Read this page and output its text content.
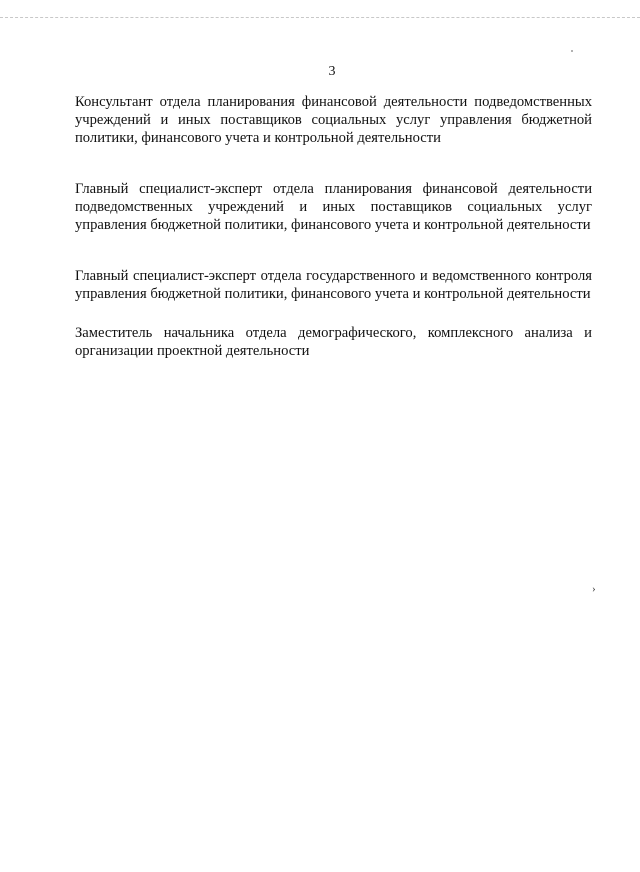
3

Консультант отдела планирования финансовой деятельности подведомственных учреждений и иных поставщиков социальных услуг управления бюджетной политики, финансового учета и контрольной деятельности

Главный специалист-эксперт отдела планирования финансовой деятельности подведомственных учреждений и иных поставщиков социальных услуг управления бюджетной политики, финансового учета и контрольной деятельности

Главный специалист-эксперт отдела государственного и ведомственного контроля управления бюджетной политики, финансового учета и контрольной деятельности

Заместитель начальника отдела демографического, комплексного анализа и организации проектной деятельности

›
